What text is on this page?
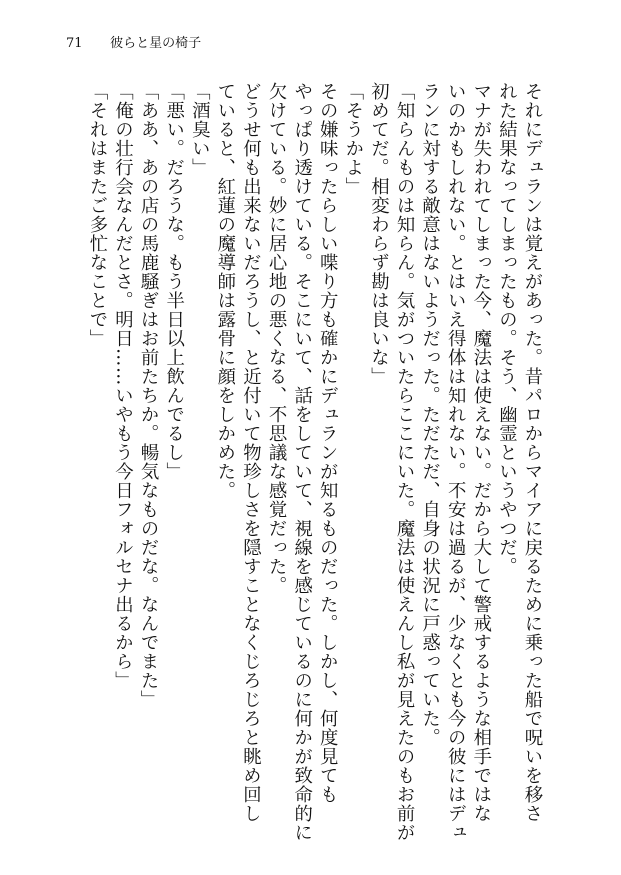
71 彼らと星の椅子
それにデュランは覚えがあった。昔パロからマイアに戻るために乗った船で呪いを移さ
れた結果なってしまったもの。そう、幽霊というやつだ。
マナが失われてしまった今、魔法は使えない。だから大して警戒するような相手ではな
いのかもしれない。とはいえ得体は知れない。不安は過るが、少なくとも今の彼にはデュ
ランに対する敵意はないようだった。ただただ、自身の状況に戸惑っていた。
「知らんものは知らん。気がついたらここにいた。魔法は使えんし私が見えたのもお前が
初めてだ。相変わらず勘は良いな」
「そうかよ」
その嫌味ったらしい喋り方も確かにデュランが知るものだった。しかし、何度見ても
やっぱり透けている。そこにいて、話をしていて、視線を感じているのに何かが致命的に
欠けている。妙に居心地の悪くなる、不思議な感覚だった。
どうせ何も出来ないだろうし、と近付いて物珍しさを隠すことなくじろじろと眺め回し
ていると、紅蓮の魔導師は露骨に顔をしかめた。
「酒臭い」
「悪い。だろうな。もう半日以上飲んでるし」
「ああ、あの店の馬鹿騒ぎはお前たちか。暢気なものだな。なんでまた」
「俺の壮行会なんだとさ。明日……いやもう今日フォルセナ出るから」
「それはまたご多忙なことで」
